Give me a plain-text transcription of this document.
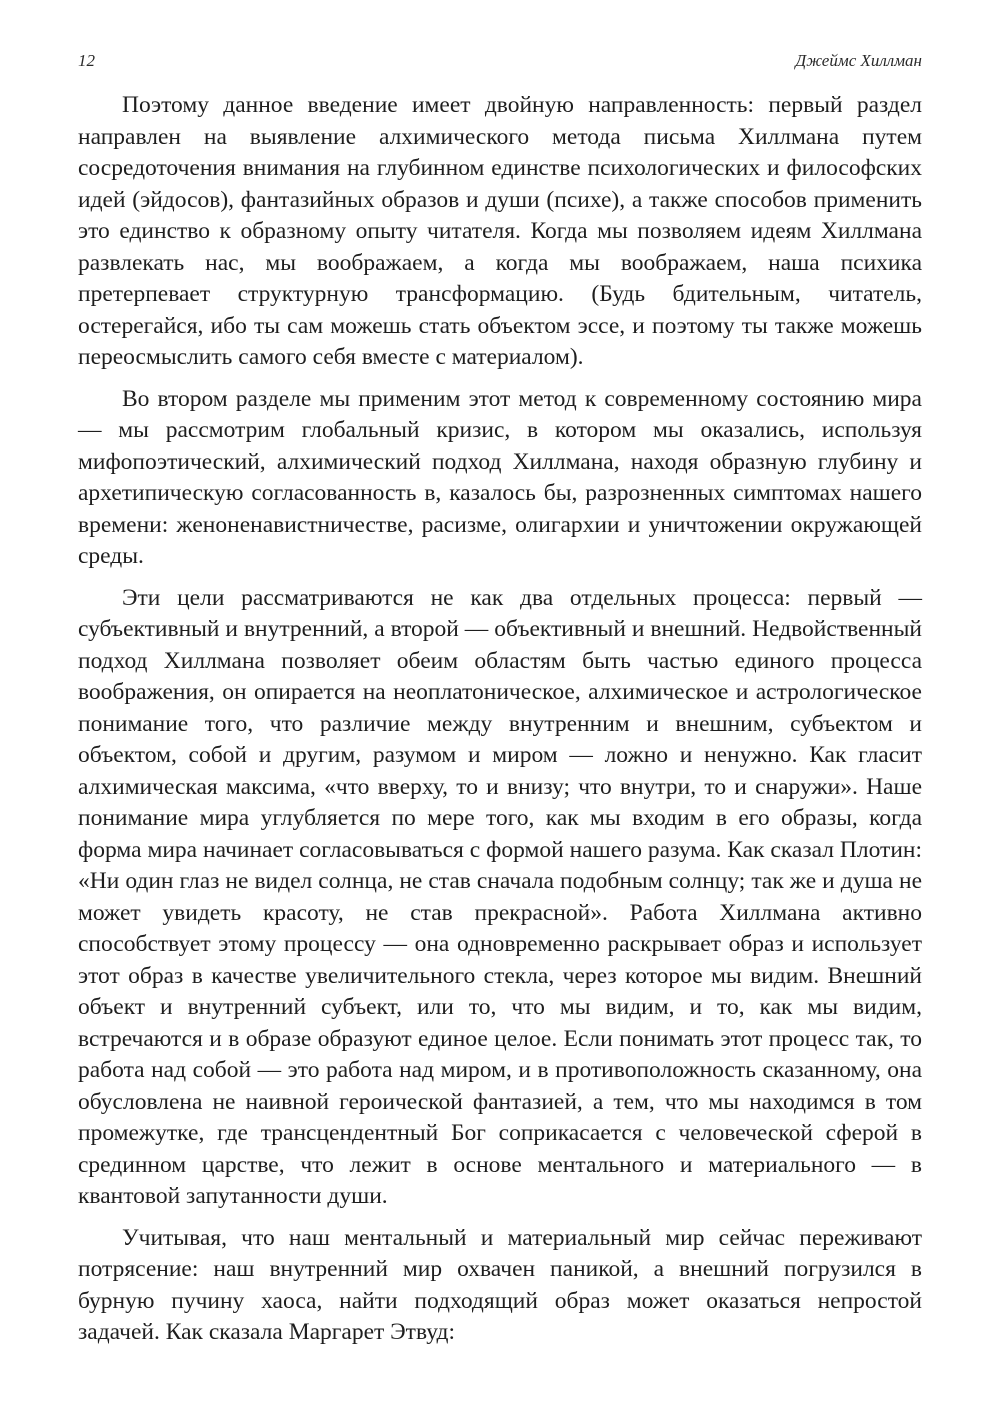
12	Джеймс Хиллман

Поэтому данное введение имеет двойную направленность: первый раздел направлен на выявление алхимического метода письма Хиллмана путем сосредоточения внимания на глубинном единстве психологических и философских идей (эйдосов), фантазийных образов и души (психе), а также способов применить это единство к образному опыту читателя. Когда мы позволяем идеям Хиллмана развлекать нас, мы воображаем, а когда мы воображаем, наша психика претерпевает структурную трансформацию. (Будь бдительным, читатель, остерегайся, ибо ты сам можешь стать объектом эссе, и поэтому ты также можешь переосмыслить самого себя вместе с материалом).

Во втором разделе мы применим этот метод к современному состоянию мира — мы рассмотрим глобальный кризис, в котором мы оказались, используя мифопоэтический, алхимический подход Хиллмана, находя образную глубину и архетипическую согласованность в, казалось бы, разрозненных симптомах нашего времени: женоненавистничестве, расизме, олигархии и уничтожении окружающей среды.

Эти цели рассматриваются не как два отдельных процесса: первый — субъективный и внутренний, а второй — объективный и внешний. Недвойственный подход Хиллмана позволяет обеим областям быть частью единого процесса воображения, он опирается на неоплатоническое, алхимическое и астрологическое понимание того, что различие между внутренним и внешним, субъектом и объектом, собой и другим, разумом и миром — ложно и ненужно. Как гласит алхимическая максима, «что вверху, то и внизу; что внутри, то и снаружи». Наше понимание мира углубляется по мере того, как мы входим в его образы, когда форма мира начинает согласовываться с формой нашего разума. Как сказал Плотин: «Ни один глаз не видел солнца, не став сначала подобным солнцу; так же и душа не может увидеть красоту, не став прекрасной». Работа Хиллмана активно способствует этому процессу — она одновременно раскрывает образ и использует этот образ в качестве увеличительного стекла, через которое мы видим. Внешний объект и внутренний субъект, или то, что мы видим, и то, как мы видим, встречаются и в образе образуют единое целое. Если понимать этот процесс так, то работа над собой — это работа над миром, и в противоположность сказанному, она обусловлена не наивной героической фантазией, а тем, что мы находимся в том промежутке, где трансцендентный Бог соприкасается с человеческой сферой в срединном царстве, что лежит в основе ментального и материального — в квантовой запутанности души.

Учитывая, что наш ментальный и материальный мир сейчас переживают потрясение: наш внутренний мир охвачен паникой, а внешний погрузился в бурную пучину хаоса, найти подходящий образ может оказаться непростой задачей. Как сказала Маргарет Этвуд:
